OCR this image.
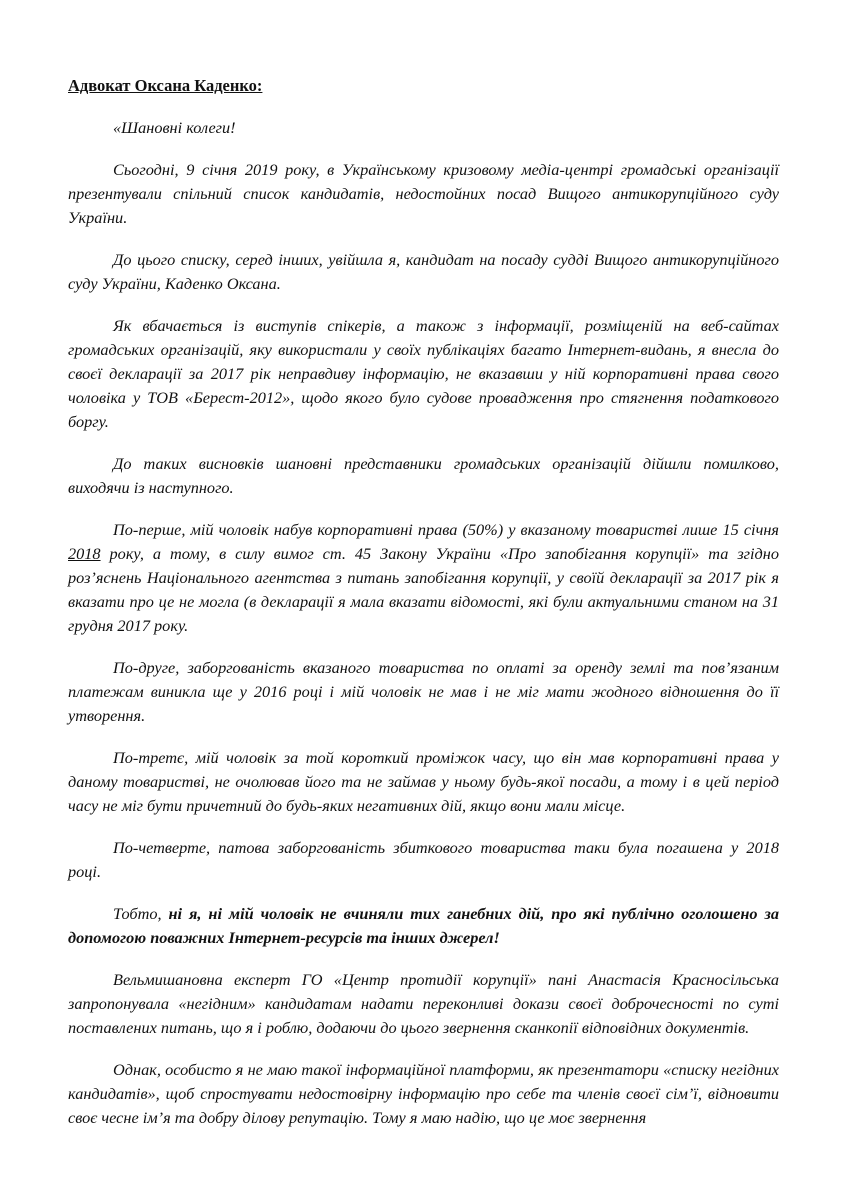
Адвокат Оксана Каденко:

«Шановні колеги!

Сьогодні, 9 січня 2019 року, в Українському кризовому медіа-центрі громадські організації презентували спільний список кандидатів, недостойних посад Вищого антикорупційного суду України.

До цього списку, серед інших, увійшла я, кандидат на посаду судді Вищого антикорупційного суду України, Каденко Оксана.

Як вбачається із виступів спікерів, а також з інформації, розміщеній на веб-сайтах громадських організацій, яку використали у своїх публікаціях багато Інтернет-видань, я внесла до своєї декларації за 2017 рік неправдиву інформацію, не вказавши у ній корпоративні права свого чоловіка у ТОВ «Берест-2012», щодо якого було судове провадження про стягнення податкового боргу.

До таких висновків шановні представники громадських організацій дійшли помилково, виходячи із наступного.

По-перше, мій чоловік набув корпоративні права (50%) у вказаному товаристві лише 15 січня 2018 року, а тому, в силу вимог ст. 45 Закону України «Про запобігання корупції» та згідно роз’яснень Національного агентства з питань запобігання корупції, у своїй декларації за 2017 рік я вказати про це не могла (в декларації я мала вказати відомості, які були актуальними станом на 31 грудня 2017 року.

По-друге, заборгованість вказаного товариства по оплаті за оренду землі та пов’язаним платежам виникла ще у 2016 році і мій чоловік не мав і не міг мати жодного відношення до її утворення.

По-третє, мій чоловік за той короткий проміжок часу, що він мав корпоративні права у даному товаристві, не очолював його та не займав у ньому будь-якої посади, а тому і в цей період часу не міг бути причетний до будь-яких негативних дій, якщо вони мали місце.

По-четверте, патова заборгованість збиткового товариства таки була погашена у 2018 році.

Тобто, ні я, ні мій чоловік не вчиняли тих ганебних дій, про які публічно оголошено за допомогою поважних Інтернет-ресурсів та інших джерел!

Вельмишановна експерт ГО «Центр протидії корупції» пані Анастасія Красносільська запропонувала «негідним» кандидатам надати переконливі докази своєї доброчесності по суті поставлених питань, що я і роблю, додаючи до цього звернення сканкопії відповідних документів.

Однак, особисто я не маю такої інформаційної платформи, як презентатори «списку негідних кандидатів», щоб спростувати недостовірну інформацію про себе та членів своєї сім’ї, відновити своє чесне ім’я та добру ділову репутацію. Тому я маю надію, що це моє звернення
